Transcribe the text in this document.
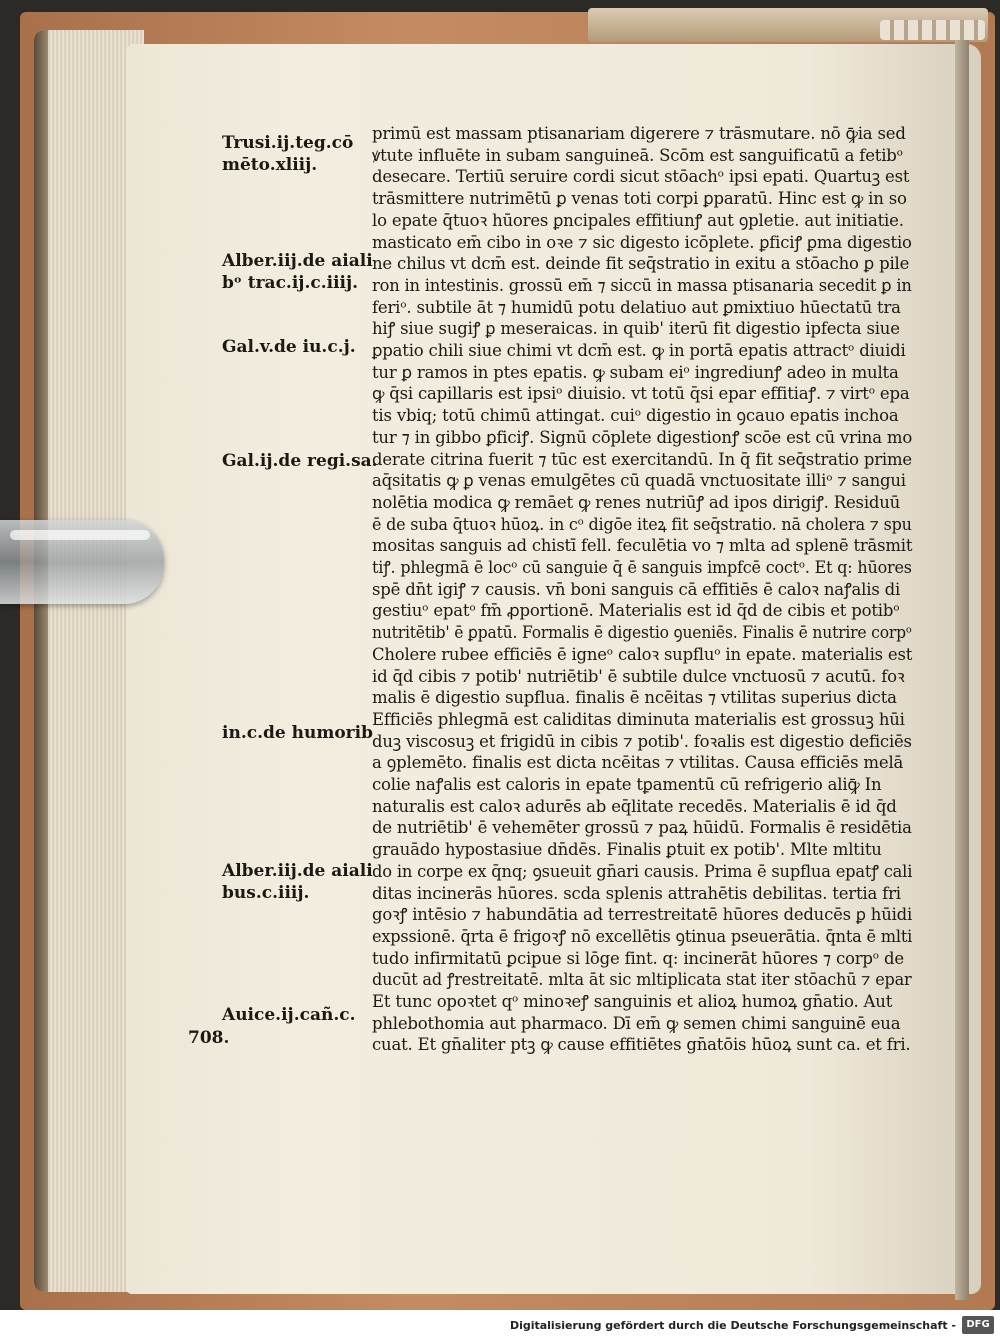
Trusi.ij.teg.cō
mēto.xliij.
Alber.iij.de aiali
bᵒ trac.ij.c.iiij.
Gal.v.de iu.c.j.
Gal.ij.de regi.sa.
in.c.de humorib
Alber.iij.de aiali
bus.c.iiij.
Auice.ij.cañ.c.
708.
primū est massam ptisanariam digerere ⁊ trāsmutare. nō ꝙ̄ia sed
ꝟtute influēte in subam sanguineā. Scōm est sanguificatū a fetibᵒ
desecare. Tertiū seruire cordi sicut stōachᵒ ipsi epati. Quartuꝫ est
trāsmittere nutrimētū ꝑ venas toti corpi ꝑparatū. Hinc est ꝙ in so
lo epate q̄tuoꝛ hūores ꝑncipales effitiunꝭ aut ꝯpletie. aut initiatie.
masticato em̄ cibo in oꝛe ⁊ sic digesto icōplete. ꝑficiꝭ ꝑma digestio
ne chilus vt dcm̄ est. deinde fit seq̄stratio in exitu a stōacho ꝑ pile
ron in intestinis. grossū em̄ ⁊ siccū in massa ptisanaria secedit ꝑ in
feriᵒ. subtile āt ⁊ humidū potu delatiuo aut ꝑmixtiuo hūectatū tra
hiꝭ siue sugiꝭ ꝑ meseraicas. in quib' iterū fit digestio ipfecta siue
ꝑpatio chili siue chimi vt dcm̄ est. ꝙ in portā epatis attractᵒ diuidi
tur ꝑ ramos in ptes epatis. ꝙ subam eiᵒ ingrediunꝭ adeo in multa
ꝙ q̄si capillaris est ipsiᵒ diuisio. vt totū q̄si epar effitiaꝭ. ⁊ virtᵒ epa
tis vbiq; totū chimū attingat. cuiᵒ digestio in ꝯcauo epatis inchoa
tur ⁊ in gibbo ꝑficiꝭ. Signū cōplete digestionꝭ scōe est cū vrina mo
derate citrina fuerit ⁊ tūc est exercitandū. In q̄ fit seq̄stratio prime
aq̄sitatis ꝙ ꝑ venas emulgētes cū quadā vnctuositate illiᵒ ⁊ sangui
nolētia modica ꝙ remāet ꝙ renes nutriūꝭ ad ipos dirigiꝭ. Residuū
ē de suba q̄tuoꝛ hūoꝝ. in cᵒ digōe iteꝝ fit seq̄stratio. nā cholera ⁊ spu
mositas sanguis ad chistī fell. feculētia vo ⁊ mlta ad splenē trāsmit
tiꝭ. phlegmā ē locᵒ cū sanguie q̄ ē sanguis impfcē coctᵒ. Et q: hūores
spē dn̄t igiꝭ ⁊ causis. vn̄ boni sanguis cā effitiēs ē caloꝛ naꝭalis di
gestiuᵒ epatᵒ fm̄ ꝓportionē. Materialis est id q̄d de cibis et potibᵒ
nutritētib' ē ꝑpatū. Formalis ē digestio ꝯueniēs. Finalis ē nutrire corpᵒ
Cholere rubee efficiēs ē igneᵒ caloꝛ supfluᵒ in epate. materialis est
id q̄d cibis ⁊ potib' nutriētib' ē subtile dulce vnctuosū ⁊ acutū. foꝛ
malis ē digestio supflua. finalis ē ncēitas ⁊ vtilitas superius dicta
Efficiēs phlegmā est caliditas diminuta materialis est grossuꝫ hūi
duꝫ viscosuꝫ et frigidū in cibis ⁊ potib'. foꝛalis est digestio deficiēs
a ꝯplemēto. finalis est dicta ncēitas ⁊ vtilitas. Causa efficiēs melā
colie naꝭalis est caloris in epate tꝑamentū cū refrigerio aliꝙ̄ In
naturalis est caloꝛ adurēs ab eq̄litate recedēs. Materialis ē id q̄d
de nutriētib' ē vehemēter grossū ⁊ paꝝ hūidū. Formalis ē residētia
grauādo hypostasiue dn̄dēs. Finalis ꝑtuit ex potib'. Mlte mltitu
do in corpe ex q̄nq; ꝯsueuit gn̄ari causis. Prima ē supflua epatꝭ cali
ditas incinerās hūores. scda splenis attrahētis debilitas. tertia fri
goꝛꝭ intēsio ⁊ habundātia ad terrestreitatē hūores deducēs ꝑ hūidi
expssionē. q̄rta ē frigoꝛꝭ nō excellētis ꝯtinua pseuerātia. q̄nta ē mlti
tudo infirmitatū ꝑcipue si lōge fint. q: incinerāt hūores ⁊ corpᵒ de
ducūt ad ꝭrestreitatē. mlta āt sic mltiplicata stat iter stōachū ⁊ epar
Et tunc opoꝛtet qᵒ minoꝛeꝭ sanguinis et alioꝝ humoꝝ gn̄atio. Aut
phlebothomia aut pharmaco. Dī em̄ ꝙ semen chimi sanguinē eua
cuat. Et gn̄aliter ptꝫ ꝙ cause effitiētes gn̄atōis hūoꝝ sunt ca. et fri.
Digitalisierung gefördert durch die Deutsche Forschungsgemeinschaft -	DFG
